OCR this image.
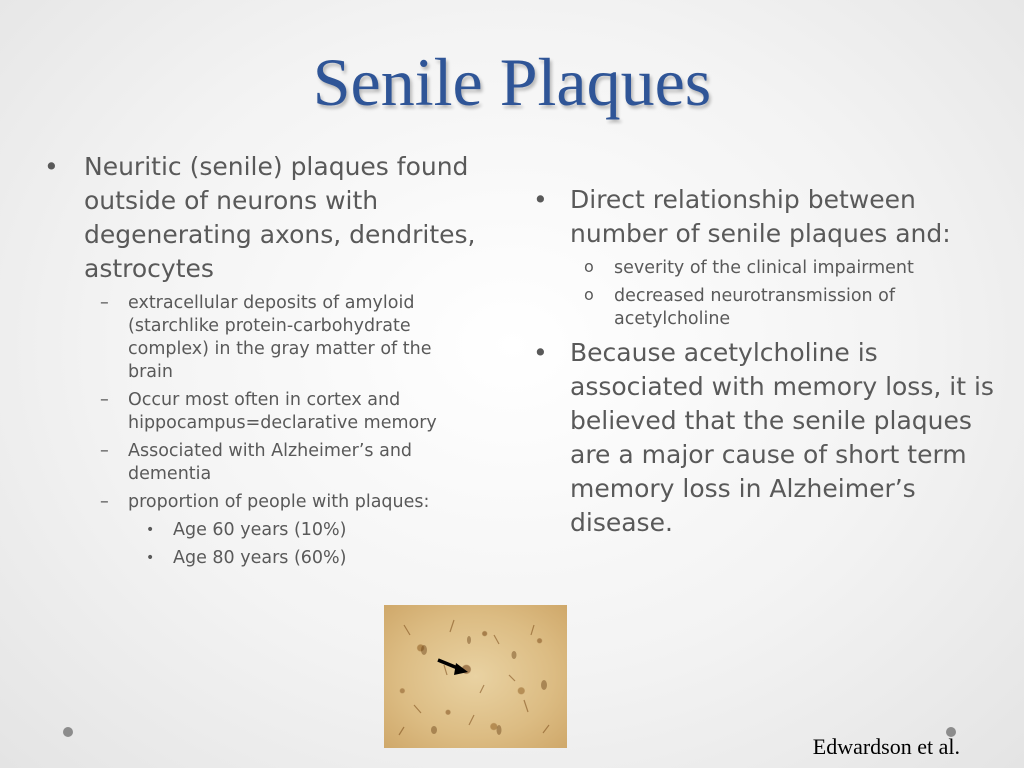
Senile Plaques
• Neuritic (senile) plaques found outside of neurons with degenerating axons, dendrites, astrocytes
– extracellular deposits of amyloid (starchlike protein-carbohydrate complex) in the gray matter of the brain
– Occur most often in cortex and hippocampus=declarative memory
– Associated with Alzheimer’s and dementia
– proportion of people with plaques:
• Age 60 years (10%)
• Age 80 years (60%)
• Direct relationship between number of senile plaques and:
o severity of the clinical impairment
o decreased neurotransmission of acetylcholine
• Because acetylcholine is associated with memory loss, it is believed that the senile plaques are a major cause of short term memory loss in Alzheimer’s disease.
Edwardson et al.
